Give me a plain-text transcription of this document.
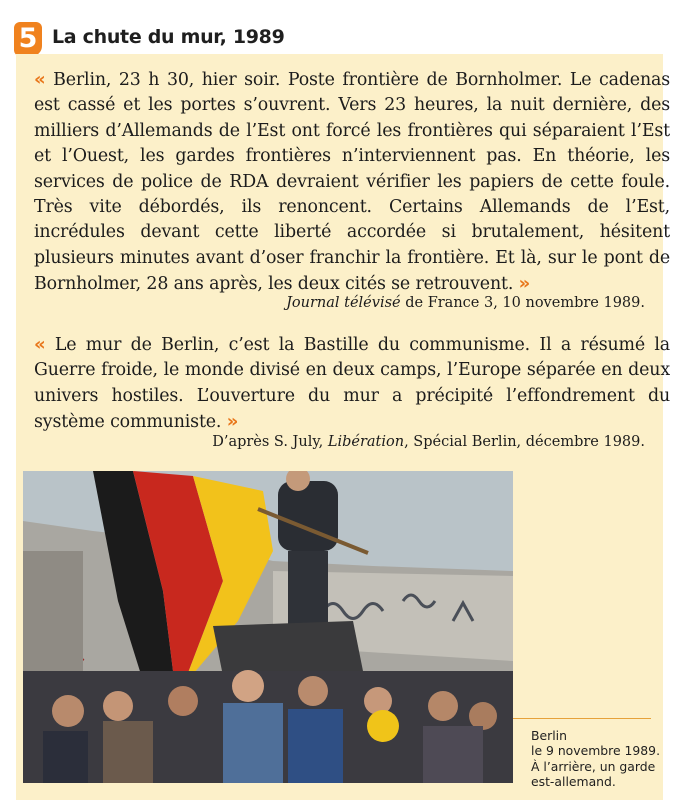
5 La chute du mur, 1989
« Berlin, 23 h 30, hier soir. Poste frontière de Bornholmer. Le cadenas est cassé et les portes s’ouvrent. Vers 23 heures, la nuit dernière, des milliers d’Allemands de l’Est ont forcé les frontières qui séparaient l’Est et l’Ouest, les gardes frontières n’interviennent pas. En théorie, les services de police de RDA devraient vérifier les papiers de cette foule. Très vite débordés, ils renoncent. Certains Allemands de l’Est, incrédules devant cette liberté accordée si brutalement, hésitent plusieurs minutes avant d’oser franchir la frontière. Et là, sur le pont de Bornholmer, 28 ans après, les deux cités se retrouvent. »
Journal télévisé de France 3, 10 novembre 1989.
« Le mur de Berlin, c’est la Bastille du communisme. Il a résumé la Guerre froide, le monde divisé en deux camps, l’Europe séparée en deux univers hostiles. L’ouverture du mur a précipité l’effondrement du système communiste. »
D’après S. July, Libération, Spécial Berlin, décembre 1989.
Berlin
le 9 novembre 1989.
À l’arrière, un garde
est-allemand.
